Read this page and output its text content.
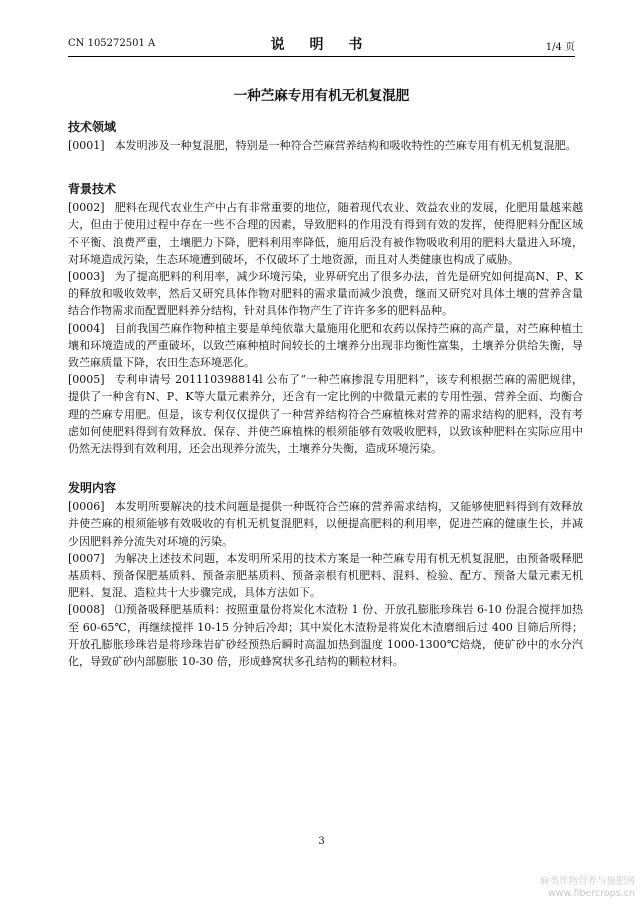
CN 105272501 A	说 明 书	1/4 页
一种苎麻专用有机无机复混肥
技术领域

[0001] 本发明涉及一种复混肥，特别是一种符合苎麻营养结构和吸收特性的苎麻专用有机无机复混肥。

背景技术

[0002] 肥料在现代农业生产中占有非常重要的地位，随着现代农业、效益农业的发展，化肥用量越来越大，但由于使用过程中存在一些不合理的因素，导致肥料的作用没有得到有效的发挥，使得肥料分配区域不平衡、浪费严重，土壤肥力下降，肥料利用率降低，施用后没有被作物吸收利用的肥料大量进入环境，对环境造成污染，生态环境遭到破坏，不仅破坏了土地资源，而且对人类健康也构成了威胁。

[0003] 为了提高肥料的利用率，减少环境污染，业界研究出了很多办法，首先是研究如何提高N、P、K的释放和吸收效率，然后又研究具体作物对肥料的需求量而减少浪费，继而又研究对具体土壤的营养含量结合作物需求而配置肥料养分结构，针对具体作物产生了许许多多的肥料品种。

[0004] 目前我国苎麻作物种植主要是单纯依靠大量施用化肥和农药以保持苎麻的高产量，对苎麻种植土壤和环境造成的严重破坏，以致苎麻种植时间较长的土壤养分出现非均衡性富集，土壤养分供给失衡，导致苎麻质量下降，农田生态环境恶化。

[0005] 专利申请号 201110398814l 公布了“一种苎麻掺混专用肥料”，该专利根据苎麻的需肥规律，提供了一种含有N、P、K等大量元素养分，还含有一定比例的中微量元素的专用性强、营养全面、均衡合理的苎麻专用肥。但是，该专利仅仅提供了一种营养结构符合苎麻植株对营养的需求结构的肥料，没有考虑如何使肥料得到有效释放、保存、并使苎麻植株的根须能够有效吸收肥料，以致该种肥料在实际应用中仍然无法得到有效利用，还会出现养分流失，土壤养分失衡，造成环境污染。

发明内容

[0006] 本发明所要解决的技术问题是提供一种既符合苎麻的营养需求结构，又能够使肥料得到有效释放并使苎麻的根须能够有效吸收的有机无机复混肥料，以便提高肥料的利用率，促进苎麻的健康生长，并减少因肥料养分流失对环境的污染。

[0007] 为解决上述技术问题，本发明所采用的技术方案是一种苎麻专用有机无机复混肥，由预备吸释肥基质料、预备保肥基质料、预备亲肥基质料、预备亲根有机肥料、混料、检验、配方、预备大量元素无机肥料、复混、造粒共十大步骤完成，具体方法如下。

[0008] ⑴预备吸释肥基质料：按照重量份将炭化木渣粉 1 份、开放孔膨胀珍珠岩 6-10 份混合搅拌加热至 60-65℃，再继续搅拌 10-15 分钟后冷却；其中炭化木渣粉是将炭化木渣磨细后过 400 目筛后所得；开放孔膨胀珍珠岩是将珍珠岩矿砂经预热后瞬时高温加热到温度 1000-1300℃焙烧，使矿砂中的水分汽化，导致矿砂内部膨胀 10-30 倍，形成蜂窝状多孔结构的颗粒材料。

3
麻类作物营养与施肥网
www.fibercrops.cn
